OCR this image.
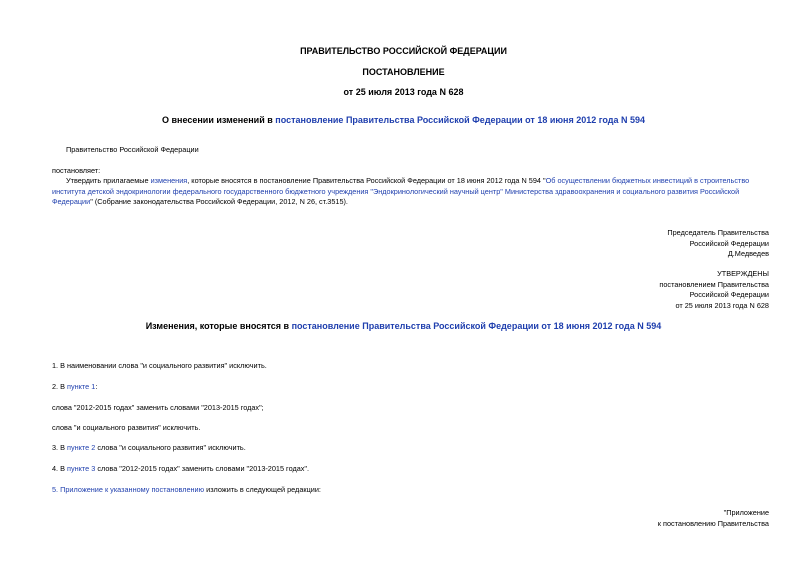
ПРАВИТЕЛЬСТВО РОССИЙСКОЙ ФЕДЕРАЦИИ
ПОСТАНОВЛЕНИЕ
от 25 июля 2013 года N 628
О внесении изменений в постановление Правительства Российской Федерации от 18 июня 2012 года N 594
Правительство Российской Федерации
постановляет:
Утвердить прилагаемые изменения, которые вносятся в постановление Правительства Российской Федерации от 18 июня 2012 года N 594 "Об осуществлении бюджетных инвестиций в строительство института детской эндокринологии федерального государственного бюджетного учреждения "Эндокринологический научный центр" Министерства здравоохранения и социального развития Российской Федерации" (Собрание законодательства Российской Федерации, 2012, N 26, ст.3515).
Председатель Правительства
Российской Федерации
Д.Медведев
УТВЕРЖДЕНЫ
постановлением Правительства
Российской Федерации
от 25 июля 2013 года N 628
Изменения, которые вносятся в постановление Правительства Российской Федерации от 18 июня 2012 года N 594
1. В наименовании слова "и социального развития" исключить.
2. В пункте 1:
слова "2012-2015 годах" заменить словами "2013-2015 годах";
слова "и социального развития" исключить.
3. В пункте 2 слова "и социального развития" исключить.
4. В пункте 3 слова "2012-2015 годах" заменить словами "2013-2015 годах".
5. Приложение к указанному постановлению изложить в следующей редакции:
"Приложение
к постановлению Правительства
